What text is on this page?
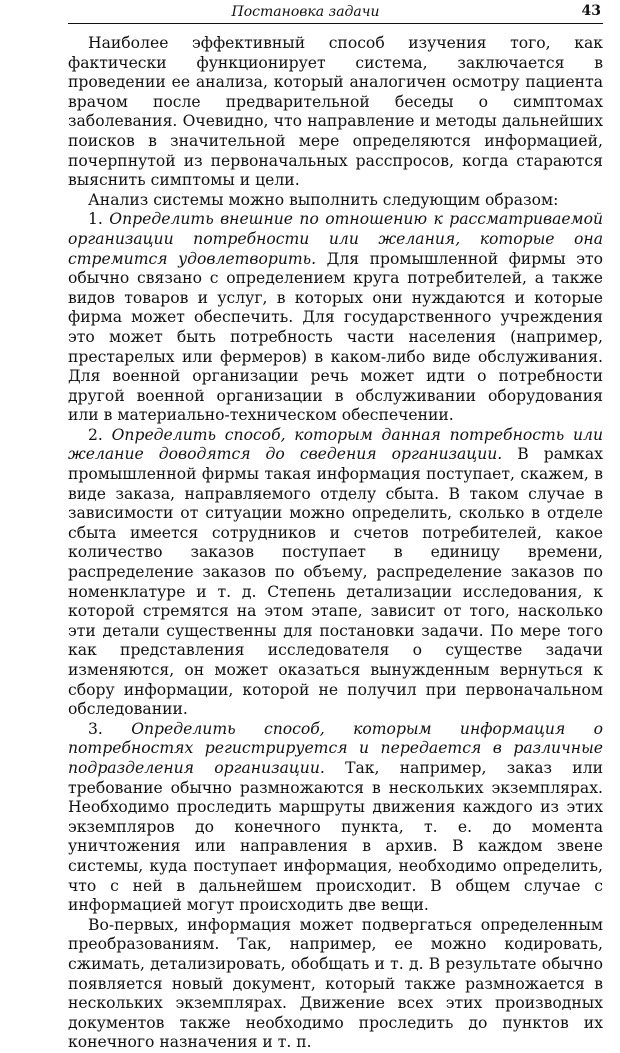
Постановка задачи	43

Наиболее эффективный способ изучения того, как фактически функционирует система, заключается в проведении ее анализа, который аналогичен осмотру пациента врачом после предварительной беседы о симптомах заболевания. Очевидно, что направление и методы дальнейших поисков в значительной мере определяются информацией, почерпнутой из первоначальных расспросов, когда стараются выяснить симптомы и цели.

Анализ системы можно выполнить следующим образом:

1. Определить внешние по отношению к рассматриваемой организации потребности или желания, которые она стремится удовлетворить. Для промышленной фирмы это обычно связано с определением круга потребителей, а также видов товаров и услуг, в которых они нуждаются и которые фирма может обеспечить. Для государственного учреждения это может быть потребность части населения (например, престарелых или фермеров) в каком-либо виде обслуживания. Для военной организации речь может идти о потребности другой военной организации в обслуживании оборудования или в материально-техническом обеспечении.

2. Определить способ, которым данная потребность или желание доводятся до сведения организации. В рамках промышленной фирмы такая информация поступает, скажем, в виде заказа, направляемого отделу сбыта. В таком случае в зависимости от ситуации можно определить, сколько в отделе сбыта имеется сотрудников и счетов потребителей, какое количество заказов поступает в единицу времени, распределение заказов по объему, распределение заказов по номенклатуре и т. д. Степень детализации исследования, к которой стремятся на этом этапе, зависит от того, насколько эти детали существенны для постановки задачи. По мере того как представления исследователя о существе задачи изменяются, он может оказаться вынужденным вернуться к сбору информации, которой не получил при первоначальном обследовании.

3. Определить способ, которым информация о потребностях регистрируется и передается в различные подразделения организации. Так, например, заказ или требование обычно размножаются в нескольких экземплярах. Необходимо проследить маршруты движения каждого из этих экземпляров до конечного пункта, т. е. до момента уничтожения или направления в архив. В каждом звене системы, куда поступает информация, необходимо определить, что с ней в дальнейшем происходит. В общем случае с информацией могут происходить две вещи.

Во-первых, информация может подвергаться определенным преобразованиям. Так, например, ее можно кодировать, сжимать, детализировать, обобщать и т. д. В результате обычно появляется новый документ, который также размножается в нескольких экземплярах. Движение всех этих производных документов также необходимо проследить до пунктов их конечного назначения и т. п.
